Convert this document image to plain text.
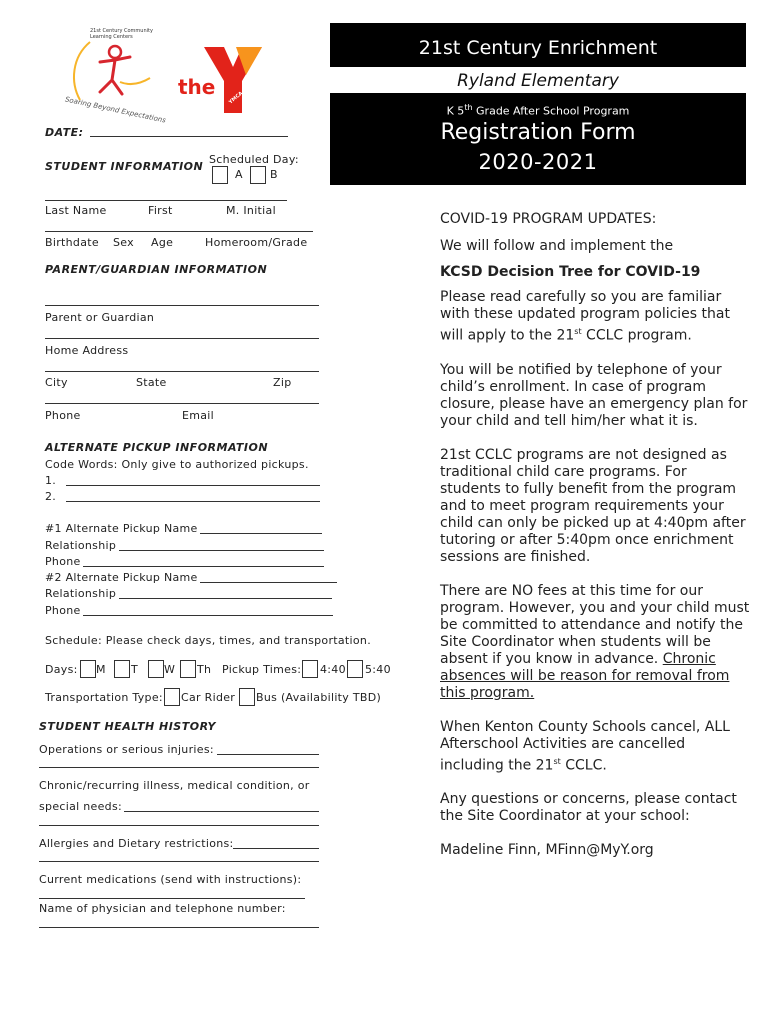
21st Century Community
Learning Centers
Soaring Beyond Expectations
the	YMCA
21st Century Enrichment
Ryland Elementary
K 5th Grade After School Program
Registration Form
2020-2021
DATE:
STUDENT INFORMATION
Scheduled Day:
A B
Last Name	First	M. Initial
Birthdate Sex Age	Homeroom/Grade
PARENT/GUARDIAN INFORMATION
Parent or Guardian
Home Address
City	State	Zip
Phone	Email
ALTERNATE PICKUP INFORMATION
Code Words: Only give to authorized pickups.
1.
2.
#1 Alternate Pickup Name
Relationship
Phone
#2 Alternate Pickup Name
Relationship
Phone
Schedule: Please check days, times, and transportation.
Days: M T W Th Pickup Times: 4:40 5:40
Transportation Type: Car Rider Bus (Availability TBD)
STUDENT HEALTH HISTORY
Operations or serious injuries:
Chronic/recurring illness, medical condition, or
special needs:
Allergies and Dietary restrictions:
Current medications (send with instructions):
Name of physician and telephone number:

COVID-19 PROGRAM UPDATES:

We will follow and implement the

KCSD Decision Tree for COVID-19

Please read carefully so you are familiar with these updated program policies that will apply to the 21st CCLC program.

You will be notified by telephone of your child’s enrollment. In case of program closure, please have an emergency plan for your child and tell him/her what it is.

21st CCLC programs are not designed as traditional child care programs. For students to fully benefit from the program and to meet program requirements your child can only be picked up at 4:40pm after tutoring or after 5:40pm once enrichment sessions are finished.

There are NO fees at this time for our program. However, you and your child must be committed to attendance and notify the Site Coordinator when students will be absent if you know in advance. Chronic absences will be reason for removal from this program.

When Kenton County Schools cancel, ALL Afterschool Activities are cancelled including the 21st CCLC.

Any questions or concerns, please contact the Site Coordinator at your school:

Madeline Finn, MFinn@MyY.org
